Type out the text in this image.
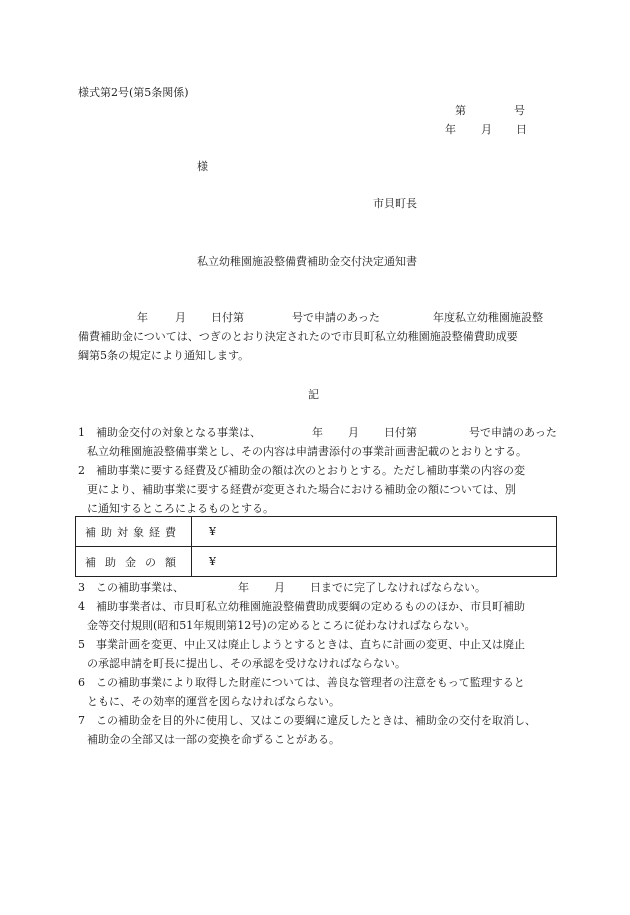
様式第2号(第5条関係)
第	号
年 月 日
様
市貝町長
私立幼稚園施設整備費補助金交付決定通知書
年 月 日付第	号で申請のあった	年度私立幼稚園施設整
備費補助金については、つぎのとおり決定されたので市貝町私立幼稚園施設整備費助成要
綱第5条の規定により通知します。
記
1 補助金交付の対象となる事業は、	年 月 日付第	号で申請のあった
私立幼稚園施設整備事業とし、その内容は申請書添付の事業計画書記載のとおりとする。
2 補助事業に要する経費及び補助金の額は次のとおりとする。ただし補助事業の内容の変
更により、補助事業に要する経費が変更された場合における補助金の額については、別
に通知するところによるものとする。
補助対象経費	¥
補助金の額	¥
3 この補助事業は、	年 月 日までに完了しなければならない。
4 補助事業者は、市貝町私立幼稚園施設整備費助成要綱の定めるもののほか、市貝町補助
金等交付規則(昭和51年規則第12号)の定めるところに従わなければならない。
5 事業計画を変更、中止又は廃止しようとするときは、直ちに計画の変更、中止又は廃止
の承認申請を町長に提出し、その承認を受けなければならない。
6 この補助事業により取得した財産については、善良な管理者の注意をもって監理すると
ともに、その効率的運営を図らなければならない。
7 この補助金を目的外に使用し、又はこの要綱に違反したときは、補助金の交付を取消し、
補助金の全部又は一部の変換を命ずることがある。
